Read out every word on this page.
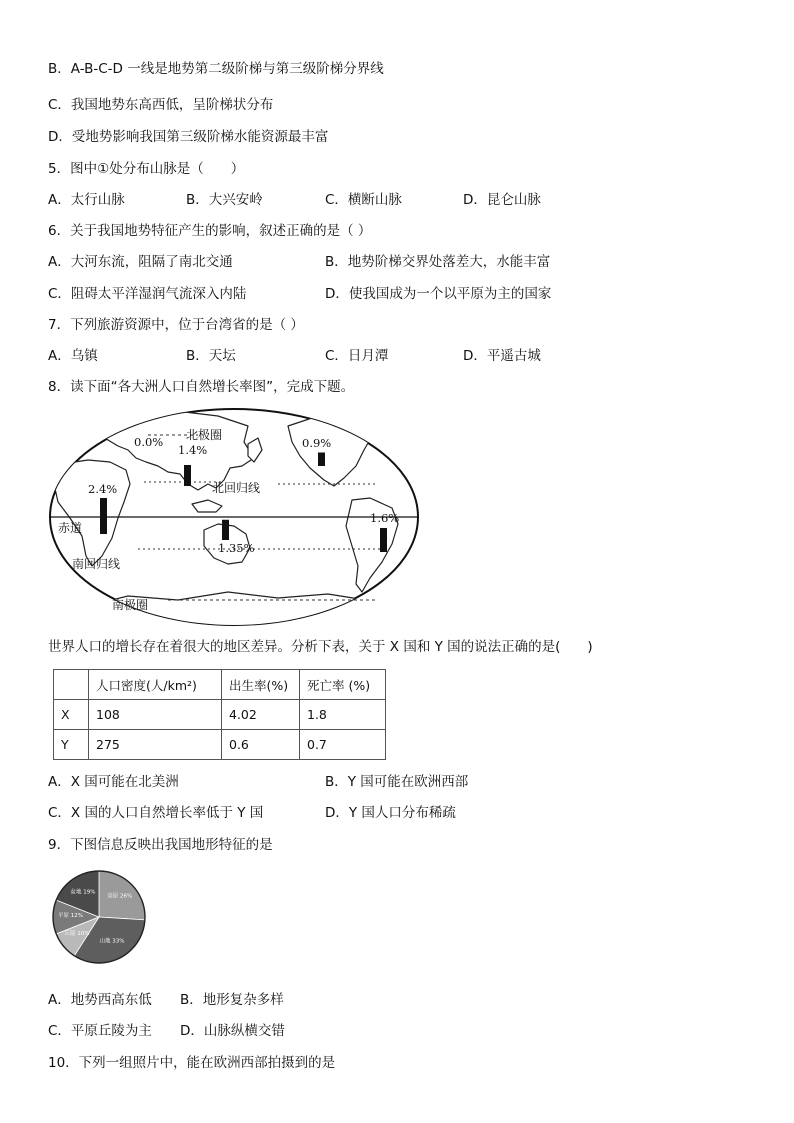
B．A-B-C-D 一线是地势第二级阶梯与第三级阶梯分界线
C．我国地势东高西低，呈阶梯状分布
D．受地势影响我国第三级阶梯水能资源最丰富
5．图中①处分布山脉是（　　）
A．太行山脉	B．大兴安岭	C．横断山脉	D．昆仑山脉
6．关于我国地势特征产生的影响，叙述正确的是（ ）
A．大河东流，阻隔了南北交通	B．地势阶梯交界处落差大，水能丰富
C．阻碍太平洋湿润气流深入内陆	D．使我国成为一个以平原为主的国家
7．下列旅游资源中，位于台湾省的是（ ）
A．乌镇	B．天坛	C．日月潭	D．平遥古城
8．读下面“各大洲人口自然增长率图”，完成下题。
北极圈
北回归线
赤道
南回归线
南极圈
0.0%
1.4%	0.9%
2.4%
1.6%
1.35%
世界人口的增长存在着很大的地区差异。分析下表，关于 X 国和 Y 国的说法正确的是(　　)
	人口密度(人/km²)	出生率(%)	死亡率 (%)
X	108	4.02	1.8
Y	275	0.6	0.7
A．X 国可能在北美洲	B．Y 国可能在欧洲西部
C．X 国的人口自然增长率低于 Y 国	D．Y 国人口分布稀疏
9．下图信息反映出我国地形特征的是
高原 26%
山地 33%
丘陵 10%
平原 12%
盆地 19%
A．地势西高东低 B．地形复杂多样
C．平原丘陵为主 D．山脉纵横交错
10．下列一组照片中，能在欧洲西部拍摄到的是
